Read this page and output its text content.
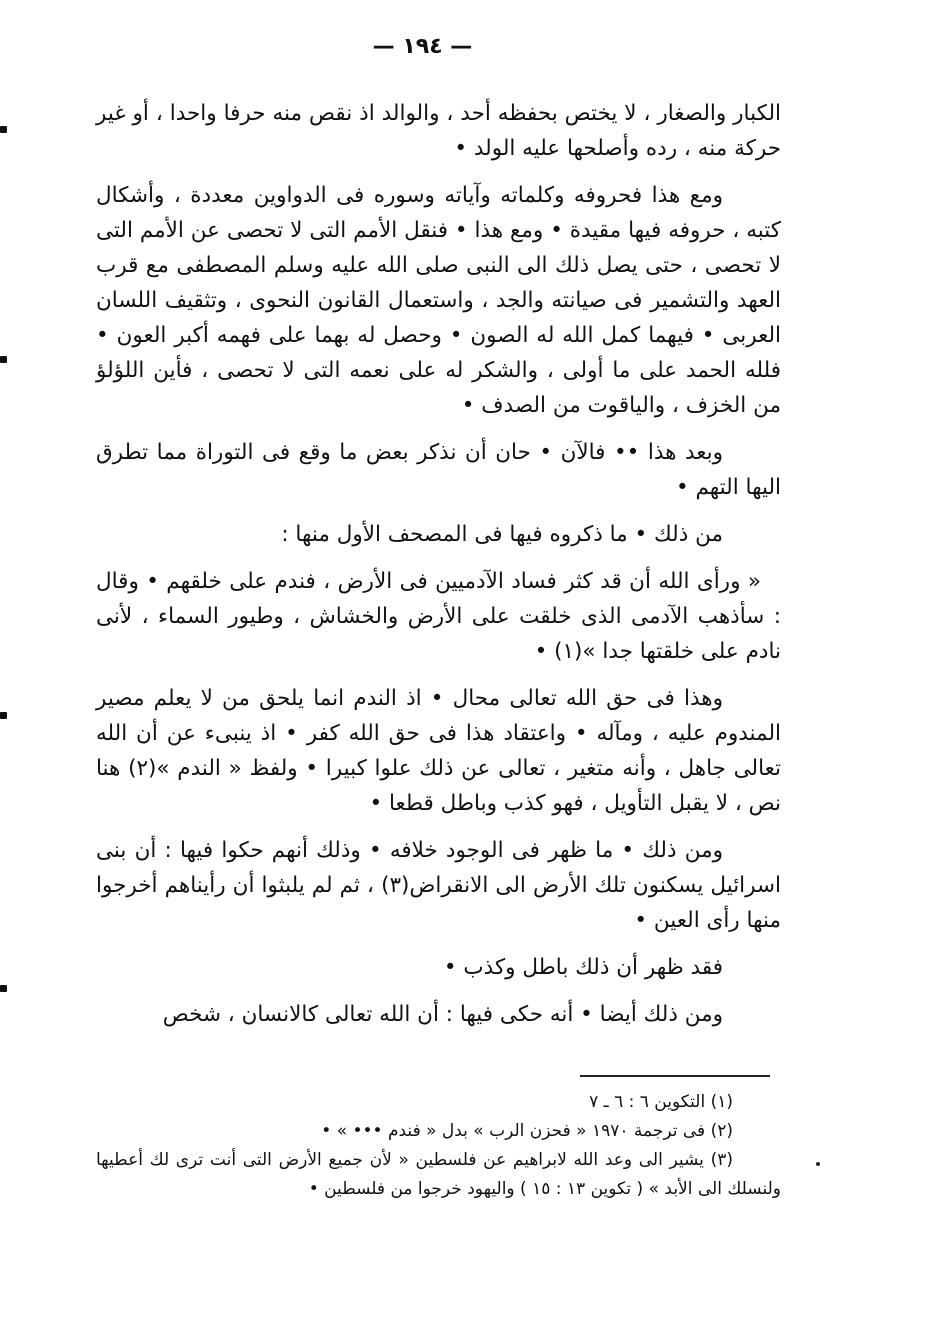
— ١٩٤ —

الكبار والصغار ، لا يختص بحفظه أحد ، والوالد اذ نقص منه حرفا واحدا ، أو غير حركة منه ، رده وأصلحها عليه الولد •

ومع هذا فحروفه وكلماته وآياته وسوره فى الدواوين معددة ، وأشكال كتبه ، حروفه فيها مقيدة • ومع هذا • فنقل الأمم التى لا تحصى عن الأمم التى لا تحصى ، حتى يصل ذلك الى النبى صلى الله عليه وسلم المصطفى مع قرب العهد والتشمير فى صيانته والجد ، واستعمال القانون النحوى ، وتثقيف اللسان العربى • فيهما كمل الله له الصون • وحصل له بهما على فهمه أكبر العون • فلله الحمد على ما أولى ، والشكر له على نعمه التى لا تحصى ، فأين اللؤلؤ من الخزف ، والياقوت من الصدف •

وبعد هذا •• فالآن • حان أن نذكر بعض ما وقع فى التوراة مما تطرق اليها التهم •

من ذلك • ما ذكروه فيها فى المصحف الأول منها :

« ورأى الله أن قد كثر فساد الآدميين فى الأرض ، فندم على خلقهم • وقال : سأذهب الآدمى الذى خلقت على الأرض والخشاش ، وطيور السماء ، لأنى نادم على خلقتها جدا »(١) •

وهذا فى حق الله تعالى محال • اذ الندم انما يلحق من لا يعلم مصير المندوم عليه ، ومآله • واعتقاد هذا فى حق الله كفر • اذ ينبىء عن أن الله تعالى جاهل ، وأنه متغير ، تعالى عن ذلك علوا كبيرا • ولفظ « الندم »(٢) هنا نص ، لا يقبل التأويل ، فهو كذب وباطل قطعا •

ومن ذلك • ما ظهر فى الوجود خلافه • وذلك أنهم حكوا فيها : أن بنى اسرائيل يسكنون تلك الأرض الى الانقراض(٣) ، ثم لم يلبثوا أن رأيناهم أخرجوا منها رأى العين •

فقد ظهر أن ذلك باطل وكذب •

ومن ذلك أيضا • أنه حكى فيها : أن الله تعالى كالانسان ، شخص

(١) التكوين ٦ : ٦ ـ ٧

(٢) فى ترجمة ١٩٧٠ « فحزن الرب » بدل « فندم ••• » •

(٣) يشير الى وعد الله لابراهيم عن فلسطين « لأن جميع الأرض التى أنت ترى لك أعطيها ولنسلك الى الأبد » ( تكوين ١٣ : ١٥ ) واليهود خرجوا من فلسطين •
